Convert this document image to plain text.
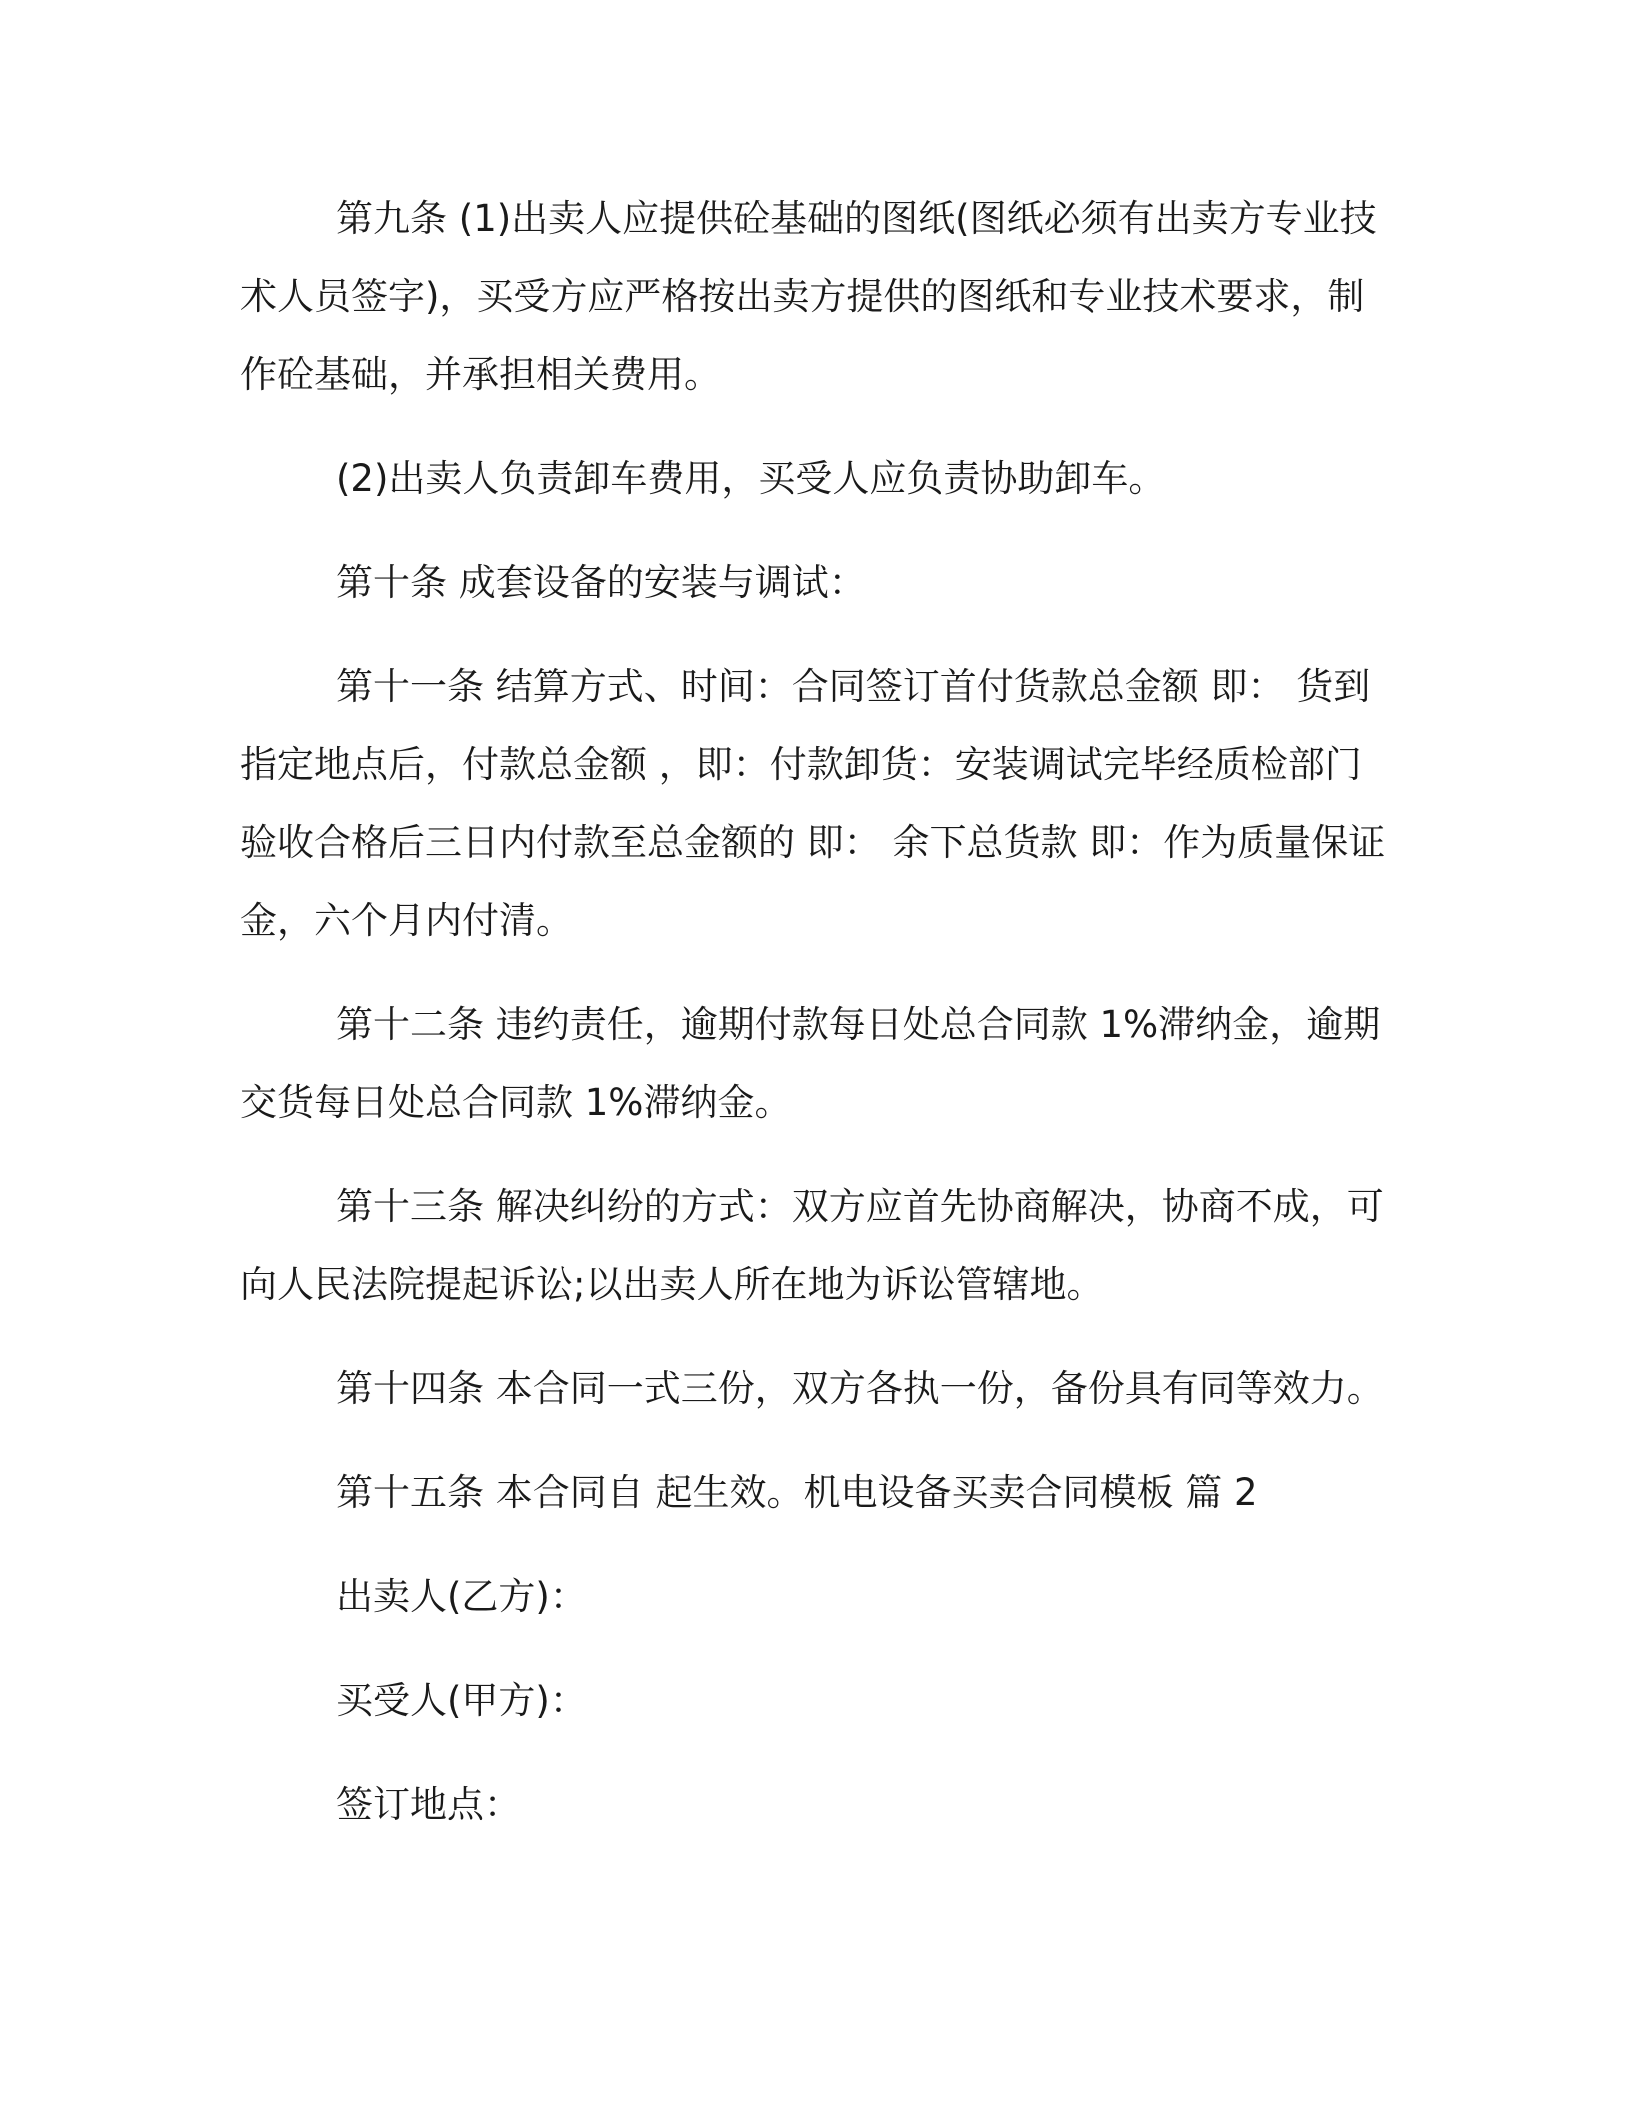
第九条 (1)出卖人应提供砼基础的图纸(图纸必须有出卖方专业技术人员签字)，买受方应严格按出卖方提供的图纸和专业技术要求，制作砼基础，并承担相关费用。

(2)出卖人负责卸车费用，买受人应负责协助卸车。

第十条 成套设备的安装与调试：

第十一条 结算方式、时间：合同签订首付货款总金额 即： 货到指定地点后，付款总金额 ，即：付款卸货：安装调试完毕经质检部门验收合格后三日内付款至总金额的 即： 余下总货款 即：作为质量保证金，六个月内付清。

第十二条 违约责任，逾期付款每日处总合同款 1%滞纳金，逾期交货每日处总合同款 1%滞纳金。

第十三条 解决纠纷的方式：双方应首先协商解决，协商不成，可向人民法院提起诉讼;以出卖人所在地为诉讼管辖地。

第十四条 本合同一式三份，双方各执一份，备份具有同等效力。

第十五条 本合同自 起生效。机电设备买卖合同模板 篇 2

出卖人(乙方)：

买受人(甲方)：

签订地点：
